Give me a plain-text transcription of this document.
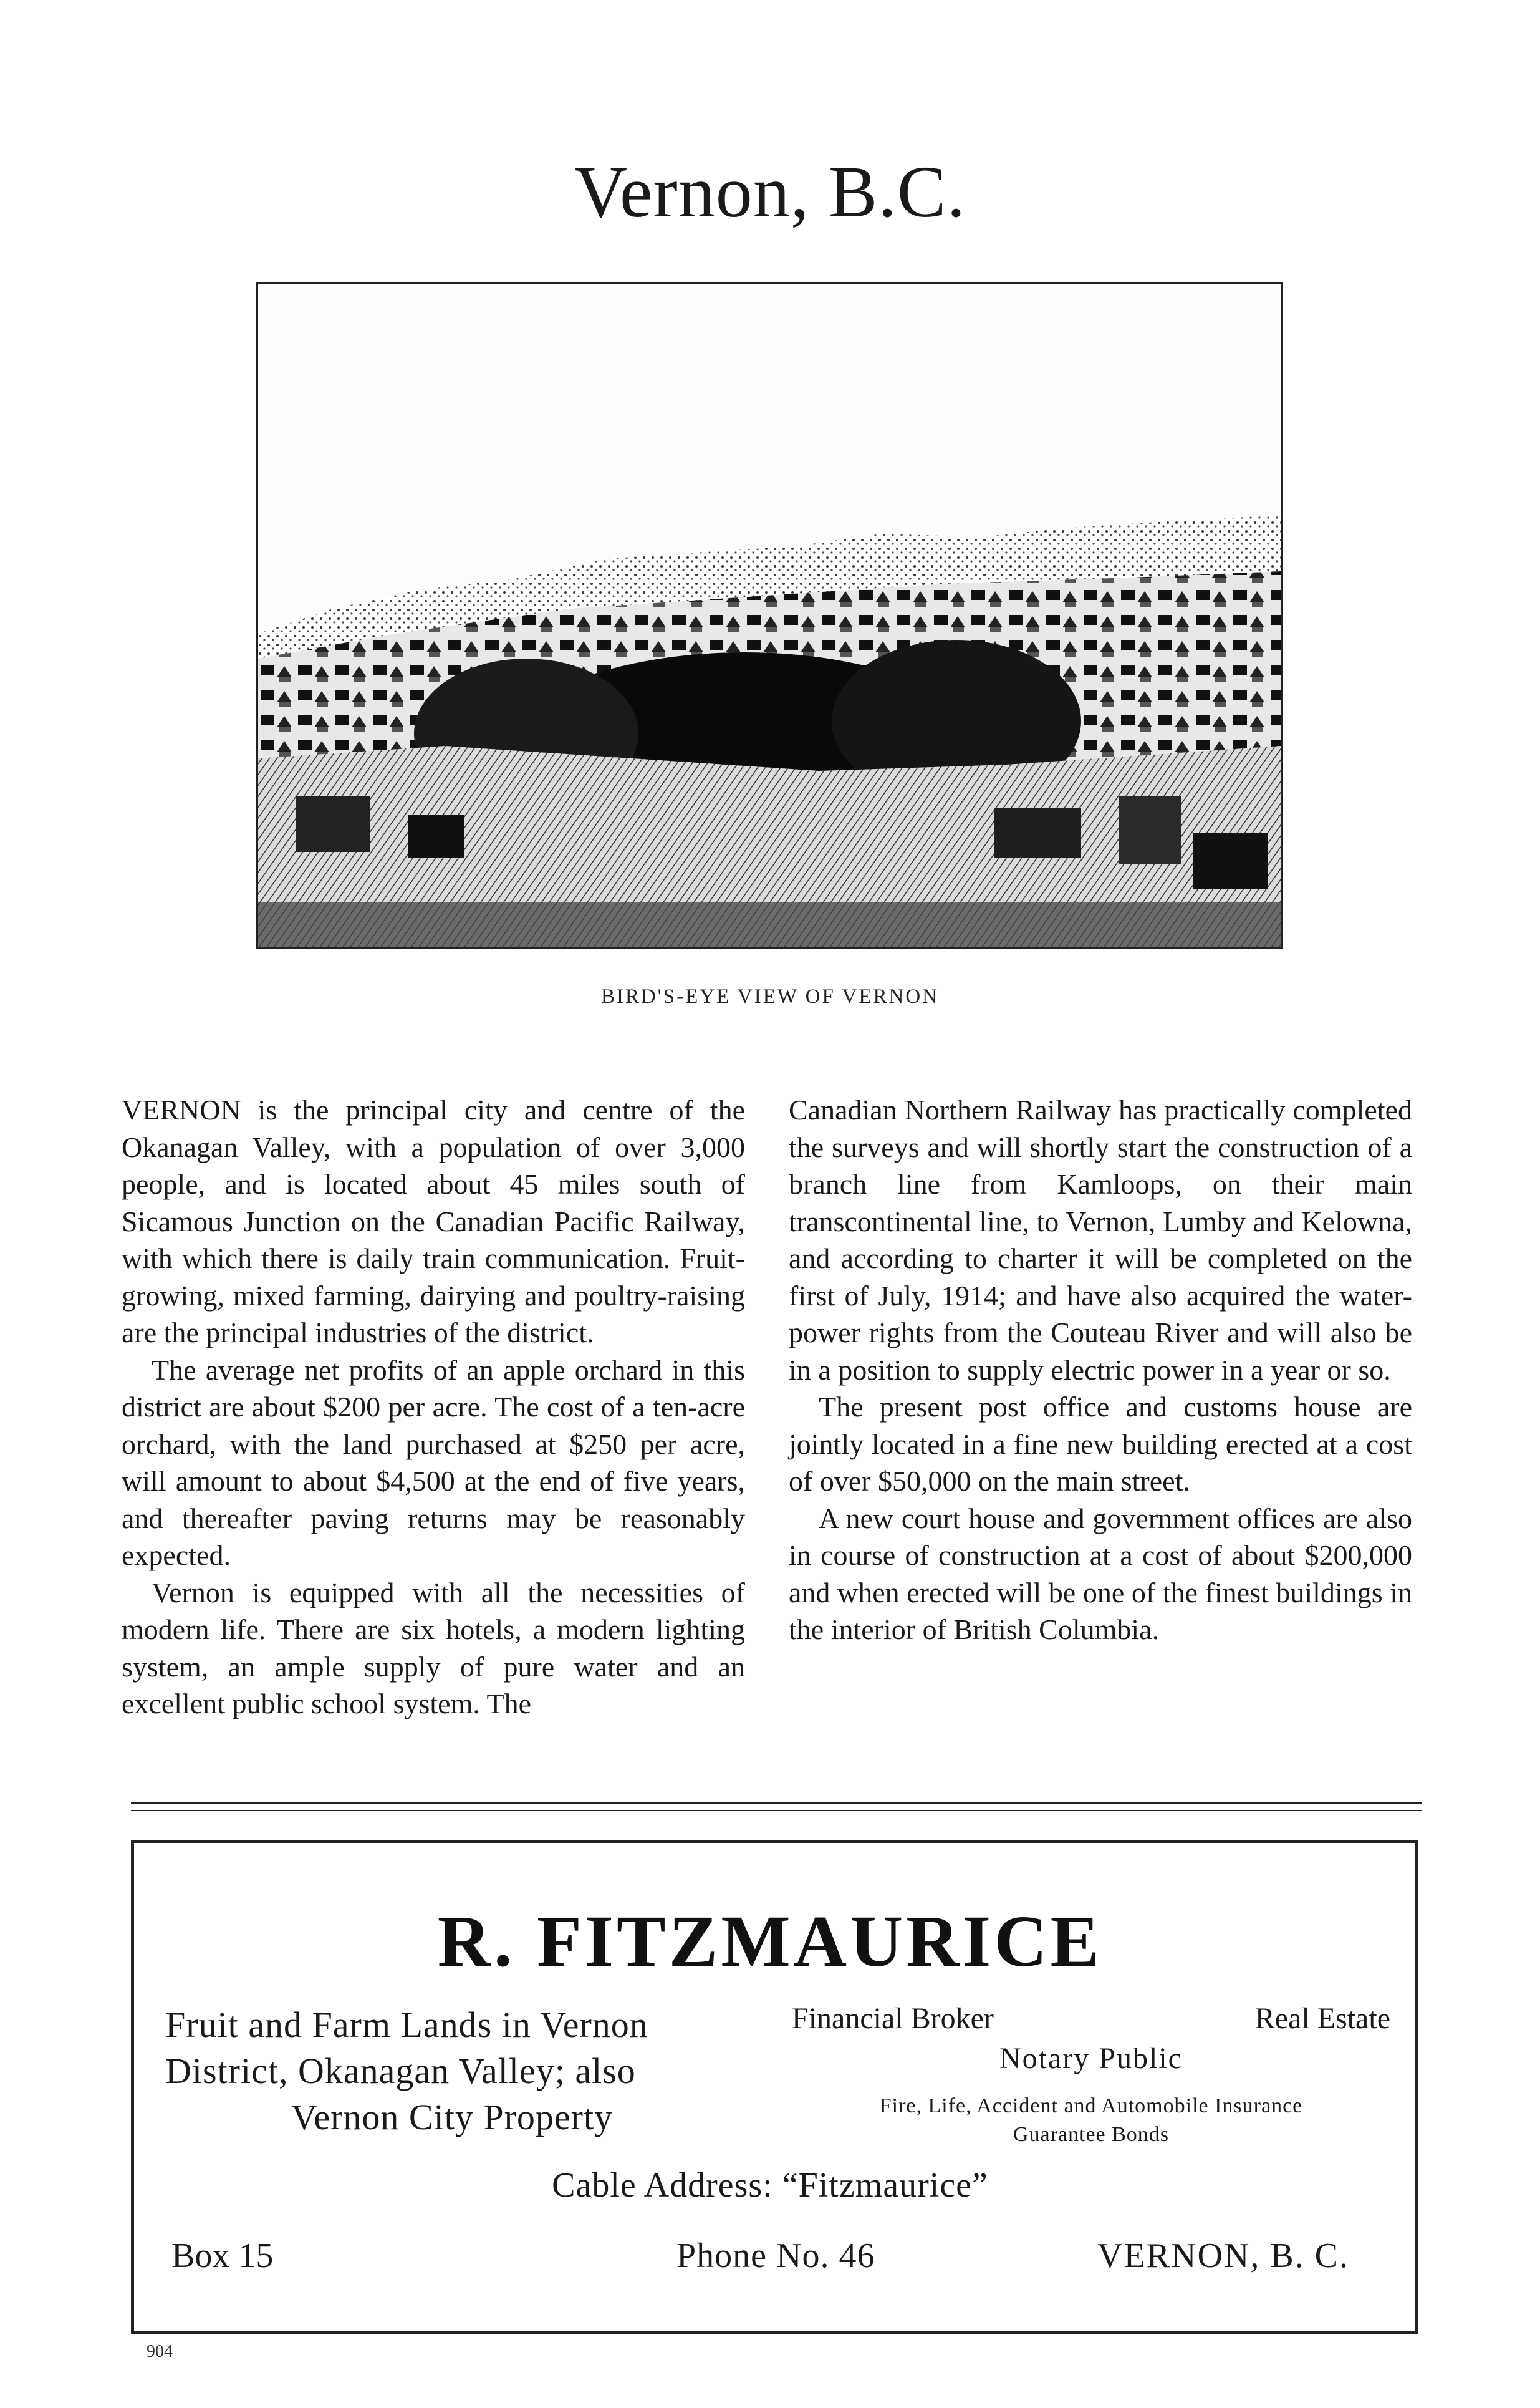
Vernon, B.C.
BIRD'S-EYE VIEW OF VERNON

VERNON is the principal city and centre of the Okanagan Valley, with a population of over 3,000 people, and is located about 45 miles south of Sicamous Junction on the Canadian Pacific Railway, with which there is daily train communication. Fruit-growing, mixed farming, dairying and poultry-raising are the principal industries of the district.

The average net profits of an apple orchard in this district are about $200 per acre. The cost of a ten-acre orchard, with the land purchased at $250 per acre, will amount to about $4,500 at the end of five years, and thereafter paving returns may be reasonably expected.

Vernon is equipped with all the necessities of modern life. There are six hotels, a modern lighting system, an ample supply of pure water and an excellent public school system. The

Canadian Northern Railway has practically completed the surveys and will shortly start the construction of a branch line from Kamloops, on their main transcontinental line, to Vernon, Lumby and Kelowna, and according to charter it will be completed on the first of July, 1914; and have also acquired the water-power rights from the Couteau River and will also be in a position to supply electric power in a year or so.

The present post office and customs house are jointly located in a fine new building erected at a cost of over $50,000 on the main street.

A new court house and government offices are also in course of construction at a cost of about $200,000 and when erected will be one of the finest buildings in the interior of British Columbia.

R. FITZMAURICE
Fruit and Farm Lands in Vernon
District, Okanagan Valley; also
Vernon City Property
Financial Broker	Real Estate
Notary Public
Fire, Life, Accident and Automobile Insurance
Guarantee Bonds
Cable Address: “Fitzmaurice”
Box 15	Phone No. 46	VERNON, B. C.
904
